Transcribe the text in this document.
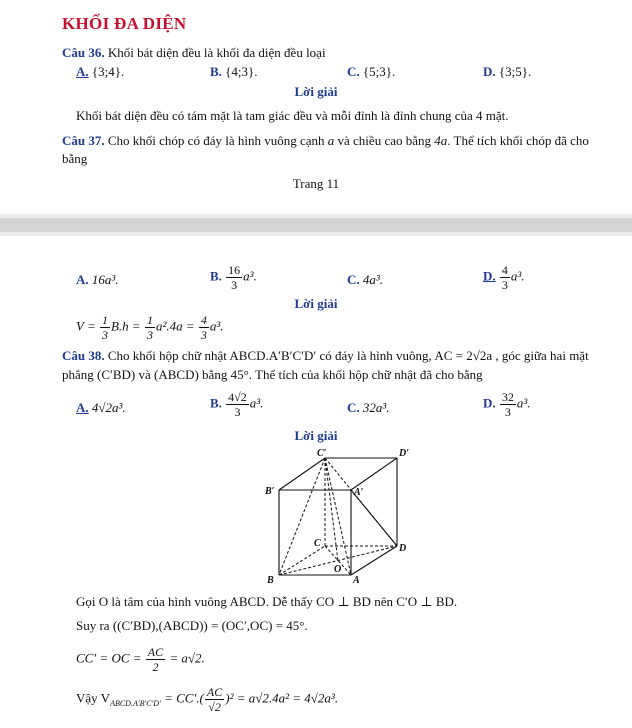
KHỐI ĐA DIỆN
Câu 36. Khối bát diện đều là khối đa diện đều loại
A. {3;4}.	B. {4;3}.	C. {5;3}.	D. {3;5}.
Lời giải
Khối bát diện đều có tám mặt là tam giác đều và mỗi đỉnh là đỉnh chung của 4 mặt.
Câu 37. Cho khối chóp có đáy là hình vuông cạnh a và chiều cao bằng 4a. Thể tích khối chóp đã cho
bằng
Trang 11
A. 16a³.	B. $\frac{16}{3} a^3$.	C. 4a³.	D. $\frac{4}{3} a^3$.
Lời giải
$V = \frac{1}{3} B.h = \frac{1}{3} a^2.4a = \frac{4}{3} a^3$.
Câu 38. Cho khối hộp chữ nhật ABCD.A′B′C′D′ có đáy là hình vuông, AC = 2√2a , góc giữa hai mặt
phẳng (C′BD) và (ABCD) bằng 45°. Thể tích của khối hộp chữ nhật đã cho bằng
A. 4√2a³.	B. $\frac{4√2}{3} a^3$.	C. 32a³.	D. $\frac{32}{3} a^3$.
Lời giải
C′	D′
B′	A′
C	D
O
B	A
Gọi O là tâm của hình vuông ABCD. Dễ thấy CO ⊥ BD nên C′O ⊥ BD.
Suy ra ((C′BD),(ABCD)) = (OC′,OC) = 45°.
CC′ = OC = $\frac{AC}{2} = a√2$.
Vậy $V_{ABCD.A'B'C'D'} = CC'.( \frac{AC}{√2} )^2 = a√2.4a^2 = 4√2a^3$.
